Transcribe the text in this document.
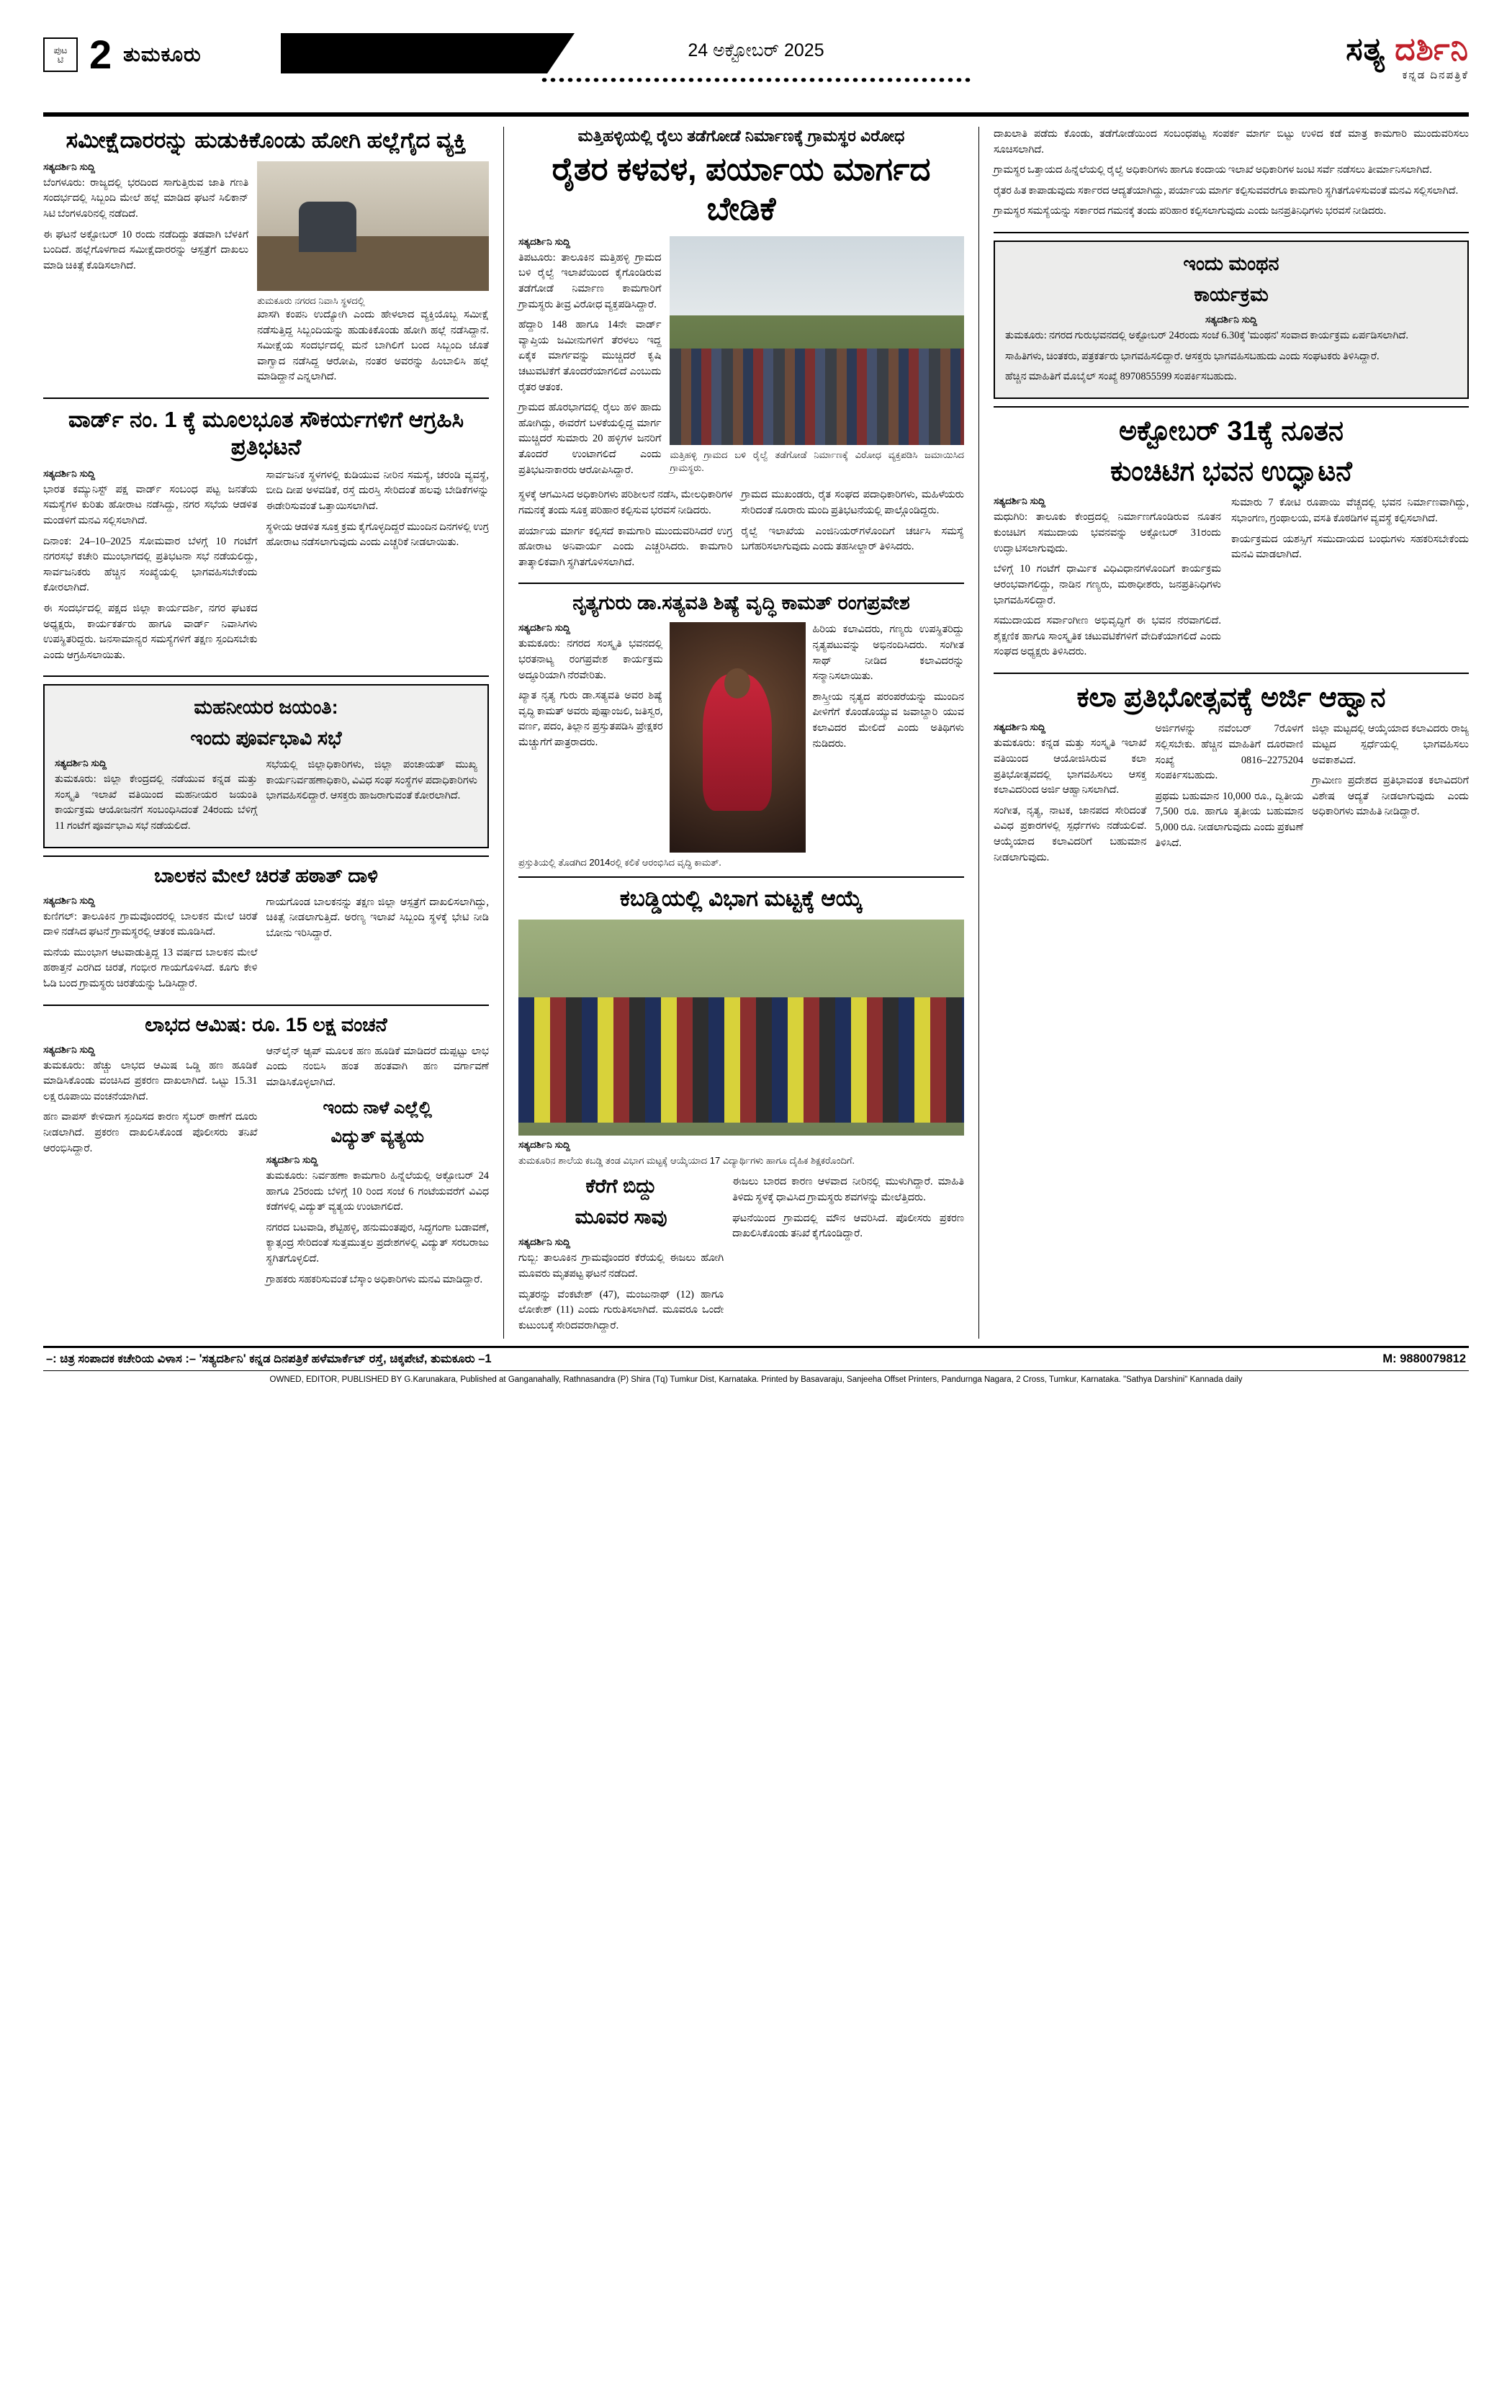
ಪುಟ
ಟಿ 2 ತುಮಕೂರು	24 ಅಕ್ಟೋಬರ್ 2025	ಸತ್ಯ ದರ್ಶಿನಿ
ಕನ್ನಡ ದಿನಪತ್ರಿಕೆ
ಸಮೀಕ್ಷೆದಾರರನ್ನು ಹುಡುಕಿಕೊಂಡು ಹೋಗಿ ಹಲ್ಲೆಗೈದ ವ್ಯಕ್ತಿ
ಸತ್ಯದರ್ಶಿನಿ ಸುದ್ದಿ

ಬೆಂಗಳೂರು: ರಾಜ್ಯದಲ್ಲಿ ಭರದಿಂದ ಸಾಗುತ್ತಿರುವ ಜಾತಿ ಗಣತಿ ಸಂದರ್ಭದಲ್ಲಿ ಸಿಬ್ಬಂದಿ ಮೇಲೆ ಹಲ್ಲೆ ಮಾಡಿದ ಘಟನೆ ಸಿಲಿಕಾನ್ ಸಿಟಿ ಬೆಂಗಳೂರಿನಲ್ಲಿ ನಡೆದಿದೆ.

ಈ ಘಟನೆ ಅಕ್ಟೋಬರ್ 10 ರಂದು ನಡೆದಿದ್ದು ತಡವಾಗಿ ಬೆಳಕಿಗೆ ಬಂದಿದೆ. ಹಲ್ಲೆಗೊಳಗಾದ ಸಮೀಕ್ಷೆದಾರರನ್ನು ಆಸ್ಪತ್ರೆಗೆ ದಾಖಲು ಮಾಡಿ ಚಿಕಿತ್ಸೆ ಕೊಡಿಸಲಾಗಿದೆ.

ತುಮಕೂರು ನಗರದ ನಿವಾಸಿ ಸ್ಥಳದಲ್ಲಿ

ಖಾಸಗಿ ಕಂಪನಿ ಉದ್ಯೋಗಿ ಎಂದು ಹೇಳಲಾದ ವ್ಯಕ್ತಿಯೊಬ್ಬ ಸಮೀಕ್ಷೆ ನಡೆಸುತ್ತಿದ್ದ ಸಿಬ್ಬಂದಿಯನ್ನು ಹುಡುಕಿಕೊಂಡು ಹೋಗಿ ಹಲ್ಲೆ ನಡೆಸಿದ್ದಾನೆ. ಸಮೀಕ್ಷೆಯ ಸಂದರ್ಭದಲ್ಲಿ ಮನೆ ಬಾಗಿಲಿಗೆ ಬಂದ ಸಿಬ್ಬಂದಿ ಜೊತೆ ವಾಗ್ವಾದ ನಡೆಸಿದ್ದ ಆರೋಪಿ, ನಂತರ ಅವರನ್ನು ಹಿಂಬಾಲಿಸಿ ಹಲ್ಲೆ ಮಾಡಿದ್ದಾನೆ ಎನ್ನಲಾಗಿದೆ.

ವಾರ್ಡ್ ನಂ. 1 ಕ್ಕೆ ಮೂಲಭೂತ ಸೌಕರ್ಯಗಳಿಗೆ ಆಗ್ರಹಿಸಿ ಪ್ರತಿಭಟನೆ
ಸತ್ಯದರ್ಶಿನಿ ಸುದ್ದಿ

ಭಾರತ ಕಮ್ಯುನಿಸ್ಟ್ ಪಕ್ಷ ವಾರ್ಡ್ ಸಂಬಂಧ ಪಟ್ಟ ಜನತೆಯ ಸಮಸ್ಯೆಗಳ ಕುರಿತು ಹೋರಾಟ ನಡೆಸಿದ್ದು, ನಗರ ಸಭೆಯ ಆಡಳಿತ ಮಂಡಳಿಗೆ ಮನವಿ ಸಲ್ಲಿಸಲಾಗಿದೆ.

ದಿನಾಂಕ: 24–10–2025 ಸೋಮವಾರ ಬೆಳಗ್ಗೆ 10 ಗಂಟೆಗೆ ನಗರಸಭೆ ಕಚೇರಿ ಮುಂಭಾಗದಲ್ಲಿ ಪ್ರತಿಭಟನಾ ಸಭೆ ನಡೆಯಲಿದ್ದು, ಸಾರ್ವಜನಿಕರು ಹೆಚ್ಚಿನ ಸಂಖ್ಯೆಯಲ್ಲಿ ಭಾಗವಹಿಸಬೇಕೆಂದು ಕೋರಲಾಗಿದೆ.

ಈ ಸಂದರ್ಭದಲ್ಲಿ ಪಕ್ಷದ ಜಿಲ್ಲಾ ಕಾರ್ಯದರ್ಶಿ, ನಗರ ಘಟಕದ ಅಧ್ಯಕ್ಷರು, ಕಾರ್ಯಕರ್ತರು ಹಾಗೂ ವಾರ್ಡ್ ನಿವಾಸಿಗಳು ಉಪಸ್ಥಿತರಿದ್ದರು. ಜನಸಾಮಾನ್ಯರ ಸಮಸ್ಯೆಗಳಿಗೆ ತಕ್ಷಣ ಸ್ಪಂದಿಸಬೇಕು ಎಂದು ಆಗ್ರಹಿಸಲಾಯಿತು.

ಸಾರ್ವಜನಿಕ ಸ್ಥಳಗಳಲ್ಲಿ ಕುಡಿಯುವ ನೀರಿನ ಸಮಸ್ಯೆ, ಚರಂಡಿ ವ್ಯವಸ್ಥೆ, ಬೀದಿ ದೀಪ ಅಳವಡಿಕೆ, ರಸ್ತೆ ದುರಸ್ತಿ ಸೇರಿದಂತೆ ಹಲವು ಬೇಡಿಕೆಗಳನ್ನು ಈಡೇರಿಸುವಂತೆ ಒತ್ತಾಯಿಸಲಾಗಿದೆ.

ಸ್ಥಳೀಯ ಆಡಳಿತ ಸೂಕ್ತ ಕ್ರಮ ಕೈಗೊಳ್ಳದಿದ್ದರೆ ಮುಂದಿನ ದಿನಗಳಲ್ಲಿ ಉಗ್ರ ಹೋರಾಟ ನಡೆಸಲಾಗುವುದು ಎಂದು ಎಚ್ಚರಿಕೆ ನೀಡಲಾಯಿತು.

ಮಹನೀಯರ ಜಯಂತಿ:
ಇಂದು ಪೂರ್ವಭಾವಿ ಸಭೆ
ಸತ್ಯದರ್ಶಿನಿ ಸುದ್ದಿ

ತುಮಕೂರು: ಜಿಲ್ಲಾ ಕೇಂದ್ರದಲ್ಲಿ ನಡೆಯುವ ಕನ್ನಡ ಮತ್ತು ಸಂಸ್ಕೃತಿ ಇಲಾಖೆ ವತಿಯಿಂದ ಮಹನೀಯರ ಜಯಂತಿ ಕಾರ್ಯಕ್ರಮ ಆಯೋಜನೆಗೆ ಸಂಬಂಧಿಸಿದಂತೆ 24ರಂದು ಬೆಳಿಗ್ಗೆ 11 ಗಂಟೆಗೆ ಪೂರ್ವಭಾವಿ ಸಭೆ ನಡೆಯಲಿದೆ.

ಸಭೆಯಲ್ಲಿ ಜಿಲ್ಲಾಧಿಕಾರಿಗಳು, ಜಿಲ್ಲಾ ಪಂಚಾಯತ್ ಮುಖ್ಯ ಕಾರ್ಯನಿರ್ವಹಣಾಧಿಕಾರಿ, ವಿವಿಧ ಸಂಘ ಸಂಸ್ಥೆಗಳ ಪದಾಧಿಕಾರಿಗಳು ಭಾಗವಹಿಸಲಿದ್ದಾರೆ. ಆಸಕ್ತರು ಹಾಜರಾಗುವಂತೆ ಕೋರಲಾಗಿದೆ.

ಬಾಲಕನ ಮೇಲೆ ಚಿರತೆ ಹಠಾತ್ ದಾಳಿ
ಸತ್ಯದರ್ಶಿನಿ ಸುದ್ದಿ

ಕುಣಿಗಲ್: ತಾಲೂಕಿನ ಗ್ರಾಮವೊಂದರಲ್ಲಿ ಬಾಲಕನ ಮೇಲೆ ಚಿರತೆ ದಾಳಿ ನಡೆಸಿದ ಘಟನೆ ಗ್ರಾಮಸ್ಥರಲ್ಲಿ ಆತಂಕ ಮೂಡಿಸಿದೆ.

ಮನೆಯ ಮುಂಭಾಗ ಆಟವಾಡುತ್ತಿದ್ದ 13 ವರ್ಷದ ಬಾಲಕನ ಮೇಲೆ ಹಠಾತ್ತನೆ ಎರಗಿದ ಚಿರತೆ, ಗಂಭೀರ ಗಾಯಗೊಳಿಸಿದೆ. ಕೂಗು ಕೇಳಿ ಓಡಿ ಬಂದ ಗ್ರಾಮಸ್ಥರು ಚಿರತೆಯನ್ನು ಓಡಿಸಿದ್ದಾರೆ.

ಗಾಯಗೊಂಡ ಬಾಲಕನನ್ನು ತಕ್ಷಣ ಜಿಲ್ಲಾ ಆಸ್ಪತ್ರೆಗೆ ದಾಖಲಿಸಲಾಗಿದ್ದು, ಚಿಕಿತ್ಸೆ ನೀಡಲಾಗುತ್ತಿದೆ. ಅರಣ್ಯ ಇಲಾಖೆ ಸಿಬ್ಬಂದಿ ಸ್ಥಳಕ್ಕೆ ಭೇಟಿ ನೀಡಿ ಬೋನು ಇರಿಸಿದ್ದಾರೆ.

ಲಾಭದ ಆಮಿಷ: ರೂ. 15 ಲಕ್ಷ ವಂಚನೆ
ಸತ್ಯದರ್ಶಿನಿ ಸುದ್ದಿ

ತುಮಕೂರು: ಹೆಚ್ಚು ಲಾಭದ ಆಮಿಷ ಒಡ್ಡಿ ಹಣ ಹೂಡಿಕೆ ಮಾಡಿಸಿಕೊಂಡು ವಂಚಿಸಿದ ಪ್ರಕರಣ ದಾಖಲಾಗಿದೆ. ಒಟ್ಟು 15.31 ಲಕ್ಷ ರೂಪಾಯಿ ವಂಚನೆಯಾಗಿದೆ.

ಹಣ ವಾಪಸ್ ಕೇಳಿದಾಗ ಸ್ಪಂದಿಸದ ಕಾರಣ ಸೈಬರ್ ಠಾಣೆಗೆ ದೂರು ನೀಡಲಾಗಿದೆ. ಪ್ರಕರಣ ದಾಖಲಿಸಿಕೊಂಡ ಪೊಲೀಸರು ತನಿಖೆ ಆರಂಭಿಸಿದ್ದಾರೆ.

ಆನ್‌ಲೈನ್ ಆ್ಯಪ್ ಮೂಲಕ ಹಣ ಹೂಡಿಕೆ ಮಾಡಿದರೆ ದುಪ್ಪಟ್ಟು ಲಾಭ ಎಂದು ನಂಬಿಸಿ ಹಂತ ಹಂತವಾಗಿ ಹಣ ವರ್ಗಾವಣೆ ಮಾಡಿಸಿಕೊಳ್ಳಲಾಗಿದೆ.

ಇಂದು ನಾಳೆ ಎಲ್ಲೆಲ್ಲಿ
ವಿದ್ಯುತ್ ವ್ಯತ್ಯಯ
ಸತ್ಯದರ್ಶಿನಿ ಸುದ್ದಿ

ತುಮಕೂರು: ನಿರ್ವಹಣಾ ಕಾಮಗಾರಿ ಹಿನ್ನೆಲೆಯಲ್ಲಿ ಅಕ್ಟೋಬರ್ 24 ಹಾಗೂ 25ರಂದು ಬೆಳಿಗ್ಗೆ 10 ರಿಂದ ಸಂಜೆ 6 ಗಂಟೆಯವರೆಗೆ ವಿವಿಧ ಕಡೆಗಳಲ್ಲಿ ವಿದ್ಯುತ್ ವ್ಯತ್ಯಯ ಉಂಟಾಗಲಿದೆ.

ನಗರದ ಬಟವಾಡಿ, ಶೆಟ್ಟಿಹಳ್ಳಿ, ಹನುಮಂತಪುರ, ಸಿದ್ಧಗಂಗಾ ಬಡಾವಣೆ, ಕ್ಯಾತ್ಸಂದ್ರ ಸೇರಿದಂತೆ ಸುತ್ತಮುತ್ತಲ ಪ್ರದೇಶಗಳಲ್ಲಿ ವಿದ್ಯುತ್ ಸರಬರಾಜು ಸ್ಥಗಿತಗೊಳ್ಳಲಿದೆ.

ಗ್ರಾಹಕರು ಸಹಕರಿಸುವಂತೆ ಬೆಸ್ಕಾಂ ಅಧಿಕಾರಿಗಳು ಮನವಿ ಮಾಡಿದ್ದಾರೆ.

ಮತ್ತಿಹಳ್ಳಿಯಲ್ಲಿ ರೈಲು ತಡೆಗೋಡೆ ನಿರ್ಮಾಣಕ್ಕೆ ಗ್ರಾಮಸ್ಥರ ವಿರೋಧ
ರೈತರ ಕಳವಳ, ಪರ್ಯಾಯ ಮಾರ್ಗದ ಬೇಡಿಕೆ
ಸತ್ಯದರ್ಶಿನಿ ಸುದ್ದಿ

ತಿಪಟೂರು: ತಾಲೂಕಿನ ಮತ್ತಿಹಳ್ಳಿ ಗ್ರಾಮದ ಬಳಿ ರೈಲ್ವೆ ಇಲಾಖೆಯಿಂದ ಕೈಗೊಂಡಿರುವ ತಡೆಗೋಡೆ ನಿರ್ಮಾಣ ಕಾಮಗಾರಿಗೆ ಗ್ರಾಮಸ್ಥರು ತೀವ್ರ ವಿರೋಧ ವ್ಯಕ್ತಪಡಿಸಿದ್ದಾರೆ.

ಹೆದ್ದಾರಿ 148 ಹಾಗೂ 14ನೇ ವಾರ್ಡ್ ವ್ಯಾಪ್ತಿಯ ಜಮೀನುಗಳಿಗೆ ತೆರಳಲು ಇದ್ದ ಏಕೈಕ ಮಾರ್ಗವನ್ನು ಮುಚ್ಚಿದರೆ ಕೃಷಿ ಚಟುವಟಿಕೆಗೆ ತೊಂದರೆಯಾಗಲಿದೆ ಎಂಬುದು ರೈತರ ಆತಂಕ.

ಗ್ರಾಮದ ಹೊರಭಾಗದಲ್ಲಿ ರೈಲು ಹಳಿ ಹಾದು ಹೋಗಿದ್ದು, ಈವರೆಗೆ ಬಳಕೆಯಲ್ಲಿದ್ದ ಮಾರ್ಗ ಮುಚ್ಚಿದರೆ ಸುಮಾರು 20 ಹಳ್ಳಿಗಳ ಜನರಿಗೆ ತೊಂದರೆ ಉಂಟಾಗಲಿದೆ ಎಂದು ಪ್ರತಿಭಟನಾಕಾರರು ಆರೋಪಿಸಿದ್ದಾರೆ.

ಮತ್ತಿಹಳ್ಳಿ ಗ್ರಾಮದ ಬಳಿ ರೈಲ್ವೆ ತಡೆಗೋಡೆ ನಿರ್ಮಾಣಕ್ಕೆ ವಿರೋಧ ವ್ಯಕ್ತಪಡಿಸಿ ಜಮಾಯಿಸಿದ ಗ್ರಾಮಸ್ಥರು.

ಸ್ಥಳಕ್ಕೆ ಆಗಮಿಸಿದ ಅಧಿಕಾರಿಗಳು ಪರಿಶೀಲನೆ ನಡೆಸಿ, ಮೇಲಧಿಕಾರಿಗಳ ಗಮನಕ್ಕೆ ತಂದು ಸೂಕ್ತ ಪರಿಹಾರ ಕಲ್ಪಿಸುವ ಭರವಸೆ ನೀಡಿದರು.

ಪರ್ಯಾಯ ಮಾರ್ಗ ಕಲ್ಪಿಸದೆ ಕಾಮಗಾರಿ ಮುಂದುವರಿಸಿದರೆ ಉಗ್ರ ಹೋರಾಟ ಅನಿವಾರ್ಯ ಎಂದು ಎಚ್ಚರಿಸಿದರು. ಕಾಮಗಾರಿ ತಾತ್ಕಾಲಿಕವಾಗಿ ಸ್ಥಗಿತಗೊಳಿಸಲಾಗಿದೆ.

ಗ್ರಾಮದ ಮುಖಂಡರು, ರೈತ ಸಂಘದ ಪದಾಧಿಕಾರಿಗಳು, ಮಹಿಳೆಯರು ಸೇರಿದಂತೆ ನೂರಾರು ಮಂದಿ ಪ್ರತಿಭಟನೆಯಲ್ಲಿ ಪಾಲ್ಗೊಂಡಿದ್ದರು.

ರೈಲ್ವೆ ಇಲಾಖೆಯ ಎಂಜಿನಿಯರ್‌ಗಳೊಂದಿಗೆ ಚರ್ಚಿಸಿ ಸಮಸ್ಯೆ ಬಗೆಹರಿಸಲಾಗುವುದು ಎಂದು ತಹಸೀಲ್ದಾರ್ ತಿಳಿಸಿದರು.

ನೃತ್ಯಗುರು ಡಾ.ಸತ್ಯವತಿ ಶಿಷ್ಯೆ ವೃದ್ಧಿ ಕಾಮತ್ ರಂಗಪ್ರವೇಶ
ಸತ್ಯದರ್ಶಿನಿ ಸುದ್ದಿ

ತುಮಕೂರು: ನಗರದ ಸಂಸ್ಕೃತಿ ಭವನದಲ್ಲಿ ಭರತನಾಟ್ಯ ರಂಗಪ್ರವೇಶ ಕಾರ್ಯಕ್ರಮ ಅದ್ಧೂರಿಯಾಗಿ ನೆರವೇರಿತು.

ಖ್ಯಾತ ನೃತ್ಯ ಗುರು ಡಾ.ಸತ್ಯವತಿ ಅವರ ಶಿಷ್ಯೆ ವೃದ್ಧಿ ಕಾಮತ್ ಅವರು ಪುಷ್ಪಾಂಜಲಿ, ಜತಿಸ್ವರ, ವರ್ಣ, ಪದಂ, ತಿಲ್ಲಾನ ಪ್ರಸ್ತುತಪಡಿಸಿ ಪ್ರೇಕ್ಷಕರ ಮೆಚ್ಚುಗೆಗೆ ಪಾತ್ರರಾದರು.

ಹಿರಿಯ ಕಲಾವಿದರು, ಗಣ್ಯರು ಉಪಸ್ಥಿತರಿದ್ದು ನೃತ್ಯಪಟುವನ್ನು ಅಭಿನಂದಿಸಿದರು. ಸಂಗೀತ ಸಾಥ್ ನೀಡಿದ ಕಲಾವಿದರನ್ನು ಸನ್ಮಾನಿಸಲಾಯಿತು.

ಶಾಸ್ತ್ರೀಯ ನೃತ್ಯದ ಪರಂಪರೆಯನ್ನು ಮುಂದಿನ ಪೀಳಿಗೆಗೆ ಕೊಂಡೊಯ್ಯುವ ಜವಾಬ್ದಾರಿ ಯುವ ಕಲಾವಿದರ ಮೇಲಿದೆ ಎಂದು ಅತಿಥಿಗಳು ನುಡಿದರು.

ಪ್ರಸ್ತುತಿಯಲ್ಲಿ ತೊಡಗಿದ 2014ರಲ್ಲಿ ಕಲಿಕೆ ಆರಂಭಿಸಿದ ವೃದ್ಧಿ ಕಾಮತ್.
ಕಬಡ್ಡಿಯಲ್ಲಿ ವಿಭಾಗ ಮಟ್ಟಕ್ಕೆ ಆಯ್ಕೆ
ಸತ್ಯದರ್ಶಿನಿ ಸುದ್ದಿ
ತುಮಕೂರಿನ ಶಾಲೆಯ ಕಬಡ್ಡಿ ತಂಡ ವಿಭಾಗ ಮಟ್ಟಕ್ಕೆ ಆಯ್ಕೆಯಾದ 17 ವಿದ್ಯಾರ್ಥಿಗಳು ಹಾಗೂ ದೈಹಿಕ ಶಿಕ್ಷಕರೊಂದಿಗೆ.
ಕೆರೆಗೆ ಬಿದ್ದು
ಮೂವರ ಸಾವು
ಸತ್ಯದರ್ಶಿನಿ ಸುದ್ದಿ

ಗುಬ್ಬಿ: ತಾಲೂಕಿನ ಗ್ರಾಮವೊಂದರ ಕೆರೆಯಲ್ಲಿ ಈಜಲು ಹೋಗಿ ಮೂವರು ಮೃತಪಟ್ಟ ಘಟನೆ ನಡೆದಿದೆ.

ಮೃತರನ್ನು ವೆಂಕಟೇಶ್ (47), ಮಂಜುನಾಥ್ (12) ಹಾಗೂ ಲೋಕೇಶ್ (11) ಎಂದು ಗುರುತಿಸಲಾಗಿದೆ. ಮೂವರೂ ಒಂದೇ ಕುಟುಂಬಕ್ಕೆ ಸೇರಿದವರಾಗಿದ್ದಾರೆ.

ಈಜಲು ಬಾರದ ಕಾರಣ ಆಳವಾದ ನೀರಿನಲ್ಲಿ ಮುಳುಗಿದ್ದಾರೆ. ಮಾಹಿತಿ ತಿಳಿದು ಸ್ಥಳಕ್ಕೆ ಧಾವಿಸಿದ ಗ್ರಾಮಸ್ಥರು ಶವಗಳನ್ನು ಮೇಲೆತ್ತಿದರು.

ಘಟನೆಯಿಂದ ಗ್ರಾಮದಲ್ಲಿ ಮೌನ ಆವರಿಸಿದೆ. ಪೊಲೀಸರು ಪ್ರಕರಣ ದಾಖಲಿಸಿಕೊಂಡು ತನಿಖೆ ಕೈಗೊಂಡಿದ್ದಾರೆ.

ದಾಖಲಾತಿ ಪಡೆದು ಕೊಂಡು, ತಡೆಗೋಡೆಯಿಂದ ಸಂಬಂಧಪಟ್ಟ ಸಂಪರ್ಕ ಮಾರ್ಗ ಬಿಟ್ಟು ಉಳಿದ ಕಡೆ ಮಾತ್ರ ಕಾಮಗಾರಿ ಮುಂದುವರಿಸಲು ಸೂಚಿಸಲಾಗಿದೆ.

ಗ್ರಾಮಸ್ಥರ ಒತ್ತಾಯದ ಹಿನ್ನೆಲೆಯಲ್ಲಿ ರೈಲ್ವೆ ಅಧಿಕಾರಿಗಳು ಹಾಗೂ ಕಂದಾಯ ಇಲಾಖೆ ಅಧಿಕಾರಿಗಳ ಜಂಟಿ ಸರ್ವೆ ನಡೆಸಲು ತೀರ್ಮಾನಿಸಲಾಗಿದೆ.

ರೈತರ ಹಿತ ಕಾಪಾಡುವುದು ಸರ್ಕಾರದ ಆದ್ಯತೆಯಾಗಿದ್ದು, ಪರ್ಯಾಯ ಮಾರ್ಗ ಕಲ್ಪಿಸುವವರೆಗೂ ಕಾಮಗಾರಿ ಸ್ಥಗಿತಗೊಳಿಸುವಂತೆ ಮನವಿ ಸಲ್ಲಿಸಲಾಗಿದೆ.

ಗ್ರಾಮಸ್ಥರ ಸಮಸ್ಯೆಯನ್ನು ಸರ್ಕಾರದ ಗಮನಕ್ಕೆ ತಂದು ಪರಿಹಾರ ಕಲ್ಪಿಸಲಾಗುವುದು ಎಂದು ಜನಪ್ರತಿನಿಧಿಗಳು ಭರವಸೆ ನೀಡಿದರು.

ಇಂದು ಮಂಥನ
ಕಾರ್ಯಕ್ರಮ
ಸತ್ಯದರ್ಶಿನಿ ಸುದ್ದಿ

ತುಮಕೂರು: ನಗರದ ಗುರುಭವನದಲ್ಲಿ ಅಕ್ಟೋಬರ್ 24ರಂದು ಸಂಜೆ 6.30ಕ್ಕೆ 'ಮಂಥನ' ಸಂವಾದ ಕಾರ್ಯಕ್ರಮ ಏರ್ಪಡಿಸಲಾಗಿದೆ.

ಸಾಹಿತಿಗಳು, ಚಿಂತಕರು, ಪತ್ರಕರ್ತರು ಭಾಗವಹಿಸಲಿದ್ದಾರೆ. ಆಸಕ್ತರು ಭಾಗವಹಿಸಬಹುದು ಎಂದು ಸಂಘಟಕರು ತಿಳಿಸಿದ್ದಾರೆ.

ಹೆಚ್ಚಿನ ಮಾಹಿತಿಗೆ ಮೊಬೈಲ್ ಸಂಖ್ಯೆ 8970855599 ಸಂಪರ್ಕಿಸಬಹುದು.

ಅಕ್ಟೋಬರ್ 31ಕ್ಕೆ ನೂತನ
ಕುಂಚಿಟಿಗ ಭವನ ಉದ್ಘಾಟನೆ
ಸತ್ಯದರ್ಶಿನಿ ಸುದ್ದಿ

ಮಧುಗಿರಿ: ತಾಲೂಕು ಕೇಂದ್ರದಲ್ಲಿ ನಿರ್ಮಾಣಗೊಂಡಿರುವ ನೂತನ ಕುಂಚಿಟಿಗ ಸಮುದಾಯ ಭವನವನ್ನು ಅಕ್ಟೋಬರ್ 31ರಂದು ಉದ್ಘಾಟಿಸಲಾಗುವುದು.

ಬೆಳಿಗ್ಗೆ 10 ಗಂಟೆಗೆ ಧಾರ್ಮಿಕ ವಿಧಿವಿಧಾನಗಳೊಂದಿಗೆ ಕಾರ್ಯಕ್ರಮ ಆರಂಭವಾಗಲಿದ್ದು, ನಾಡಿನ ಗಣ್ಯರು, ಮಠಾಧೀಶರು, ಜನಪ್ರತಿನಿಧಿಗಳು ಭಾಗವಹಿಸಲಿದ್ದಾರೆ.

ಸಮುದಾಯದ ಸರ್ವಾಂಗೀಣ ಅಭಿವೃದ್ಧಿಗೆ ಈ ಭವನ ನೆರವಾಗಲಿದೆ. ಶೈಕ್ಷಣಿಕ ಹಾಗೂ ಸಾಂಸ್ಕೃತಿಕ ಚಟುವಟಿಕೆಗಳಿಗೆ ವೇದಿಕೆಯಾಗಲಿದೆ ಎಂದು ಸಂಘದ ಅಧ್ಯಕ್ಷರು ತಿಳಿಸಿದರು.

ಸುಮಾರು 7 ಕೋಟಿ ರೂಪಾಯಿ ವೆಚ್ಚದಲ್ಲಿ ಭವನ ನಿರ್ಮಾಣವಾಗಿದ್ದು, ಸಭಾಂಗಣ, ಗ್ರಂಥಾಲಯ, ವಸತಿ ಕೊಠಡಿಗಳ ವ್ಯವಸ್ಥೆ ಕಲ್ಪಿಸಲಾಗಿದೆ.

ಕಾರ್ಯಕ್ರಮದ ಯಶಸ್ಸಿಗೆ ಸಮುದಾಯದ ಬಂಧುಗಳು ಸಹಕರಿಸಬೇಕೆಂದು ಮನವಿ ಮಾಡಲಾಗಿದೆ.

ಕಲಾ ಪ್ರತಿಭೋತ್ಸವಕ್ಕೆ ಅರ್ಜಿ ಆಹ್ವಾನ
ಸತ್ಯದರ್ಶಿನಿ ಸುದ್ದಿ

ತುಮಕೂರು: ಕನ್ನಡ ಮತ್ತು ಸಂಸ್ಕೃತಿ ಇಲಾಖೆ ವತಿಯಿಂದ ಆಯೋಜಿಸಿರುವ ಕಲಾ ಪ್ರತಿಭೋತ್ಸವದಲ್ಲಿ ಭಾಗವಹಿಸಲು ಆಸಕ್ತ ಕಲಾವಿದರಿಂದ ಅರ್ಜಿ ಆಹ್ವಾನಿಸಲಾಗಿದೆ.

ಸಂಗೀತ, ನೃತ್ಯ, ನಾಟಕ, ಜಾನಪದ ಸೇರಿದಂತೆ ವಿವಿಧ ಪ್ರಕಾರಗಳಲ್ಲಿ ಸ್ಪರ್ಧೆಗಳು ನಡೆಯಲಿವೆ. ಆಯ್ಕೆಯಾದ ಕಲಾವಿದರಿಗೆ ಬಹುಮಾನ ನೀಡಲಾಗುವುದು.

ಅರ್ಜಿಗಳನ್ನು ನವೆಂಬರ್ 7ರೊಳಗೆ ಸಲ್ಲಿಸಬೇಕು. ಹೆಚ್ಚಿನ ಮಾಹಿತಿಗೆ ದೂರವಾಣಿ ಸಂಖ್ಯೆ 0816–2275204 ಸಂಪರ್ಕಿಸಬಹುದು.

ಪ್ರಥಮ ಬಹುಮಾನ 10,000 ರೂ., ದ್ವಿತೀಯ 7,500 ರೂ. ಹಾಗೂ ತೃತೀಯ ಬಹುಮಾನ 5,000 ರೂ. ನೀಡಲಾಗುವುದು ಎಂದು ಪ್ರಕಟಣೆ ತಿಳಿಸಿದೆ.

ಜಿಲ್ಲಾ ಮಟ್ಟದಲ್ಲಿ ಆಯ್ಕೆಯಾದ ಕಲಾವಿದರು ರಾಜ್ಯ ಮಟ್ಟದ ಸ್ಪರ್ಧೆಯಲ್ಲಿ ಭಾಗವಹಿಸಲು ಅವಕಾಶವಿದೆ.

ಗ್ರಾಮೀಣ ಪ್ರದೇಶದ ಪ್ರತಿಭಾವಂತ ಕಲಾವಿದರಿಗೆ ವಿಶೇಷ ಆದ್ಯತೆ ನೀಡಲಾಗುವುದು ಎಂದು ಅಧಿಕಾರಿಗಳು ಮಾಹಿತಿ ನೀಡಿದ್ದಾರೆ.

–: ಚಿತ್ರ ಸಂಪಾದಕ ಕಚೇರಿಯ ವಿಳಾಸ :– 'ಸತ್ಯದರ್ಶಿನಿ' ಕನ್ನಡ ದಿನಪತ್ರಿಕೆ ಹಳೆಮಾರ್ಕೆಟ್ ರಸ್ತೆ, ಚಿಕ್ಕಪೇಟೆ, ತುಮಕೂರು –1	M: 9880079812
OWNED, EDITOR, PUBLISHED BY G.Karunakara, Published at Ganganahally, Rathnasandra (P) Shira (Tq) Tumkur Dist, Karnataka. Printed by Basavaraju, Sanjeeha Offset Printers, Pandurnga Nagara, 2 Cross, Tumkur, Karnataka. "Sathya Darshini" Kannada daily
